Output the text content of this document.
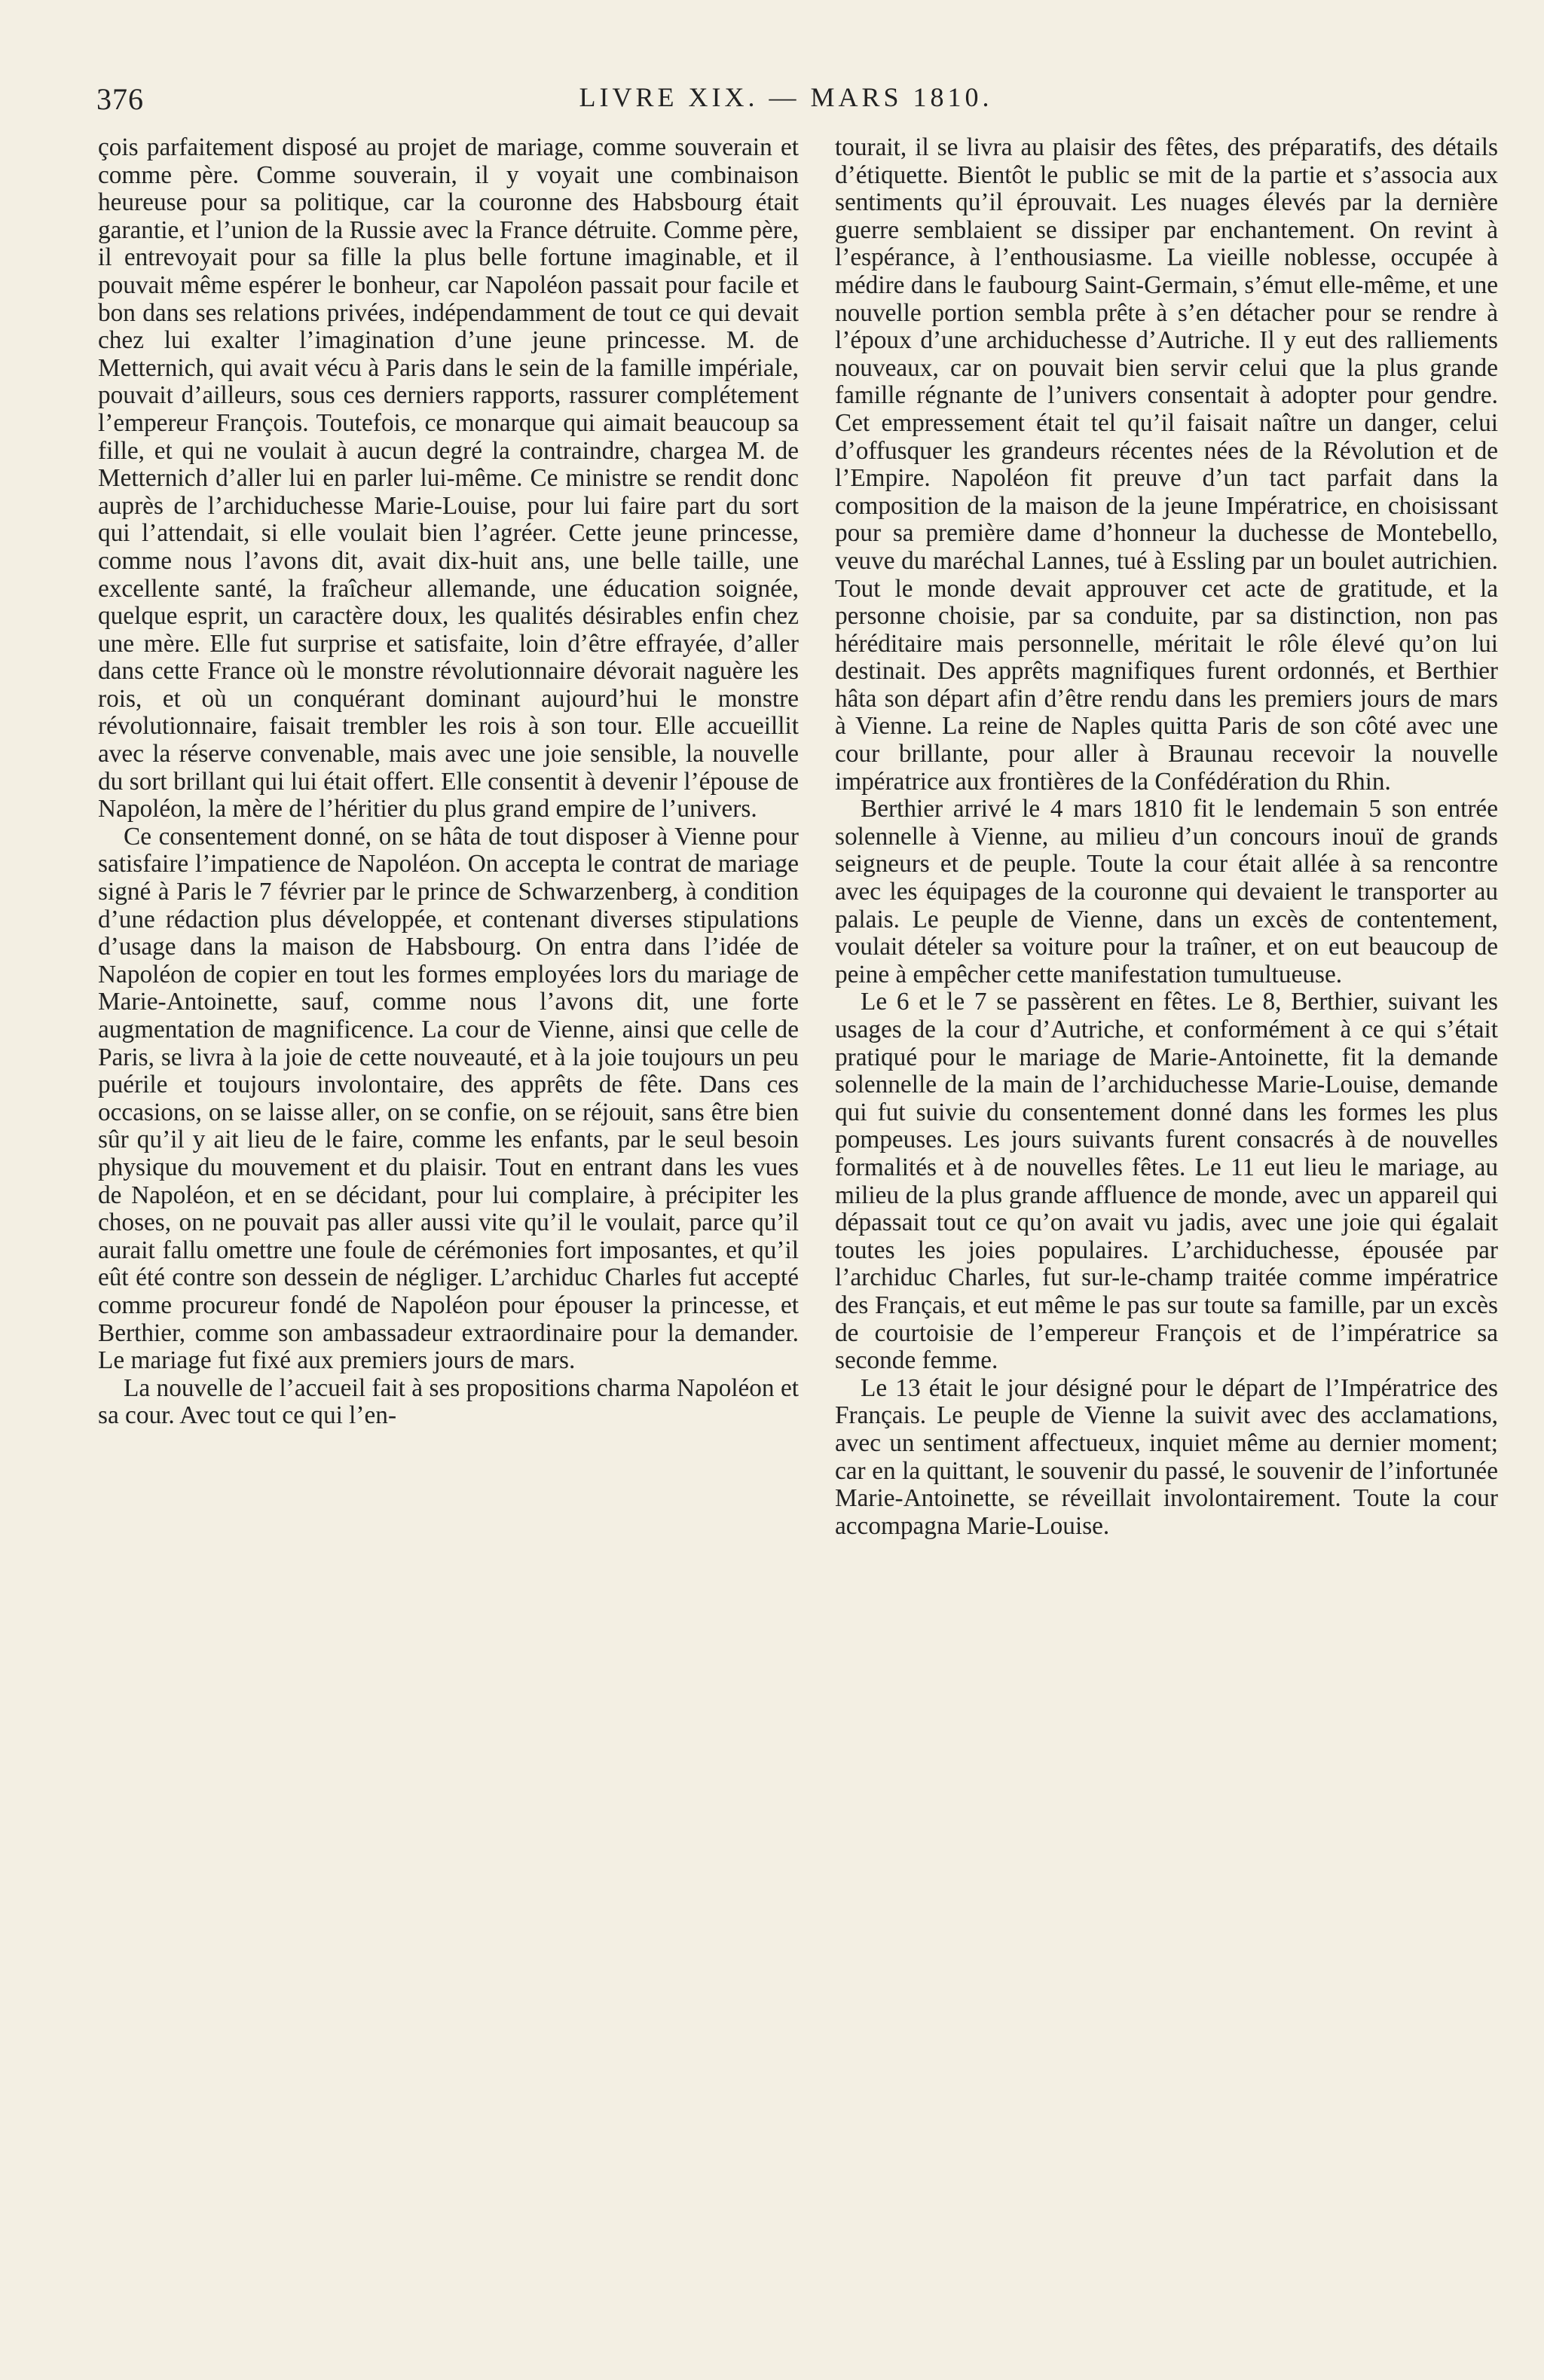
376	LIVRE XIX. — MARS 1810.

çois parfaitement disposé au projet de mariage, comme souverain et comme père. Comme souverain, il y voyait une combinaison heureuse pour sa politique, car la couronne des Habsbourg était garantie, et l’union de la Russie avec la France détruite. Comme père, il entrevoyait pour sa fille la plus belle fortune imaginable, et il pouvait même espérer le bonheur, car Napoléon passait pour facile et bon dans ses relations privées, indépendamment de tout ce qui devait chez lui exalter l’imagination d’une jeune princesse. M. de Metternich, qui avait vécu à Paris dans le sein de la famille impériale, pouvait d’ailleurs, sous ces derniers rapports, rassurer complétement l’empereur François. Toutefois, ce monarque qui aimait beaucoup sa fille, et qui ne voulait à aucun degré la contraindre, chargea M. de Metternich d’aller lui en parler lui-même. Ce ministre se rendit donc auprès de l’archiduchesse Marie-Louise, pour lui faire part du sort qui l’attendait, si elle voulait bien l’agréer. Cette jeune princesse, comme nous l’avons dit, avait dix-huit ans, une belle taille, une excellente santé, la fraîcheur allemande, une éducation soignée, quelque esprit, un caractère doux, les qualités désirables enfin chez une mère. Elle fut surprise et satisfaite, loin d’être effrayée, d’aller dans cette France où le monstre révolutionnaire dévorait naguère les rois, et où un conquérant dominant aujourd’hui le monstre révolutionnaire, faisait trembler les rois à son tour. Elle accueillit avec la réserve convenable, mais avec une joie sensible, la nouvelle du sort brillant qui lui était offert. Elle consentit à devenir l’épouse de Napoléon, la mère de l’héritier du plus grand empire de l’univers.

Ce consentement donné, on se hâta de tout disposer à Vienne pour satisfaire l’impatience de Napoléon. On accepta le contrat de mariage signé à Paris le 7 février par le prince de Schwarzenberg, à condition d’une rédaction plus développée, et contenant diverses stipulations d’usage dans la maison de Habsbourg. On entra dans l’idée de Napoléon de copier en tout les formes employées lors du mariage de Marie-Antoinette, sauf, comme nous l’avons dit, une forte augmentation de magnificence. La cour de Vienne, ainsi que celle de Paris, se livra à la joie de cette nouveauté, et à la joie toujours un peu puérile et toujours involontaire, des apprêts de fête. Dans ces occasions, on se laisse aller, on se confie, on se réjouit, sans être bien sûr qu’il y ait lieu de le faire, comme les enfants, par le seul besoin physique du mouvement et du plaisir. Tout en entrant dans les vues de Napoléon, et en se décidant, pour lui complaire, à précipiter les choses, on ne pouvait pas aller aussi vite qu’il le voulait, parce qu’il aurait fallu omettre une foule de cérémonies fort imposantes, et qu’il eût été contre son dessein de négliger. L’archiduc Charles fut accepté comme procureur fondé de Napoléon pour épouser la princesse, et Berthier, comme son ambassadeur extraordinaire pour la demander. Le mariage fut fixé aux premiers jours de mars.

La nouvelle de l’accueil fait à ses propositions charma Napoléon et sa cour. Avec tout ce qui l’en-

tourait, il se livra au plaisir des fêtes, des préparatifs, des détails d’étiquette. Bientôt le public se mit de la partie et s’associa aux sentiments qu’il éprouvait. Les nuages élevés par la dernière guerre semblaient se dissiper par enchantement. On revint à l’espérance, à l’enthousiasme. La vieille noblesse, occupée à médire dans le faubourg Saint-Germain, s’émut elle-même, et une nouvelle portion sembla prête à s’en détacher pour se rendre à l’époux d’une archiduchesse d’Autriche. Il y eut des ralliements nouveaux, car on pouvait bien servir celui que la plus grande famille régnante de l’univers consentait à adopter pour gendre. Cet empressement était tel qu’il faisait naître un danger, celui d’offusquer les grandeurs récentes nées de la Révolution et de l’Empire. Napoléon fit preuve d’un tact parfait dans la composition de la maison de la jeune Impératrice, en choisissant pour sa première dame d’honneur la duchesse de Montebello, veuve du maréchal Lannes, tué à Essling par un boulet autrichien. Tout le monde devait approuver cet acte de gratitude, et la personne choisie, par sa conduite, par sa distinction, non pas héréditaire mais personnelle, méritait le rôle élevé qu’on lui destinait. Des apprêts magnifiques furent ordonnés, et Berthier hâta son départ afin d’être rendu dans les premiers jours de mars à Vienne. La reine de Naples quitta Paris de son côté avec une cour brillante, pour aller à Braunau recevoir la nouvelle impératrice aux frontières de la Confédération du Rhin.

Berthier arrivé le 4 mars 1810 fit le lendemain 5 son entrée solennelle à Vienne, au milieu d’un concours inouï de grands seigneurs et de peuple. Toute la cour était allée à sa rencontre avec les équipages de la couronne qui devaient le transporter au palais. Le peuple de Vienne, dans un excès de contentement, voulait dételer sa voiture pour la traîner, et on eut beaucoup de peine à empêcher cette manifestation tumultueuse.

Le 6 et le 7 se passèrent en fêtes. Le 8, Berthier, suivant les usages de la cour d’Autriche, et conformément à ce qui s’était pratiqué pour le mariage de Marie-Antoinette, fit la demande solennelle de la main de l’archiduchesse Marie-Louise, demande qui fut suivie du consentement donné dans les formes les plus pompeuses. Les jours suivants furent consacrés à de nouvelles formalités et à de nouvelles fêtes. Le 11 eut lieu le mariage, au milieu de la plus grande affluence de monde, avec un appareil qui dépassait tout ce qu’on avait vu jadis, avec une joie qui égalait toutes les joies populaires. L’archiduchesse, épousée par l’archiduc Charles, fut sur-le-champ traitée comme impératrice des Français, et eut même le pas sur toute sa famille, par un excès de courtoisie de l’empereur François et de l’impératrice sa seconde femme.

Le 13 était le jour désigné pour le départ de l’Impératrice des Français. Le peuple de Vienne la suivit avec des acclamations, avec un sentiment affectueux, inquiet même au dernier moment; car en la quittant, le souvenir du passé, le souvenir de l’infortunée Marie-Antoinette, se réveillait involontairement. Toute la cour accompagna Marie-Louise.
